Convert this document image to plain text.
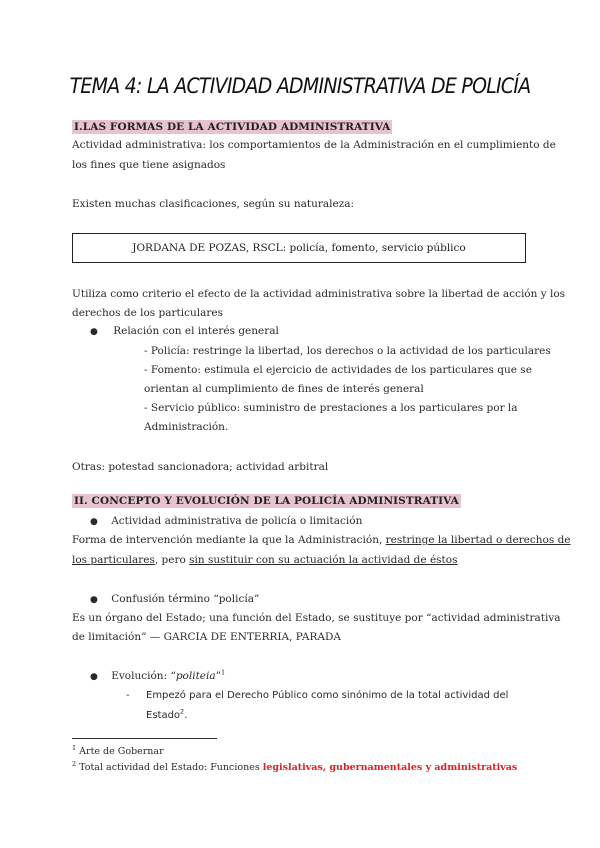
TEMA 4: LA ACTIVIDAD ADMINISTRATIVA DE POLICÍA
I.LAS FORMAS DE LA ACTIVIDAD ADMINISTRATIVA
Actividad administrativa: los comportamientos de la Administración en el cumplimiento de
los fines que tiene asignados
Existen muchas clasificaciones, según su naturaleza:
JORDANA DE POZAS, RSCL: policía, fomento, servicio público
Utiliza como criterio el efecto de la actividad administrativa sobre la libertad de acción y los
derechos de los particulares
● Relación con el interés general
- Policía: restringe la libertad, los derechos o la actividad de los particulares
- Fomento: estimula el ejercicio de actividades de los particulares que se
orientan al cumplimiento de fines de interés general
- Servicio público: suministro de prestaciones a los particulares por la
Administración.
Otras: potestad sancionadora; actividad arbitral
II. CONCEPTO Y EVOLUCIÓN DE LA POLICÍA ADMINISTRATIVA
● Actividad administrativa de policía o limitación
Forma de intervención mediante la que la Administración, restringe la libertad o derechos de
los particulares, pero sin sustituir con su actuación la actividad de éstos
● Confusión término “policía”
Es un órgano del Estado; una función del Estado, se sustituye por “actividad administrativa
de limitación” — GARCIA DE ENTERRIA, PARADA
● Evolución: “politeia”$^1$
- Empezó para el Derecho Público como sinónimo de la total actividad del
Estado$^2$.
$^1$ Arte de Gobernar
$^2$ Total actividad del Estado: Funciones legislativas, gubernamentales y administrativas
